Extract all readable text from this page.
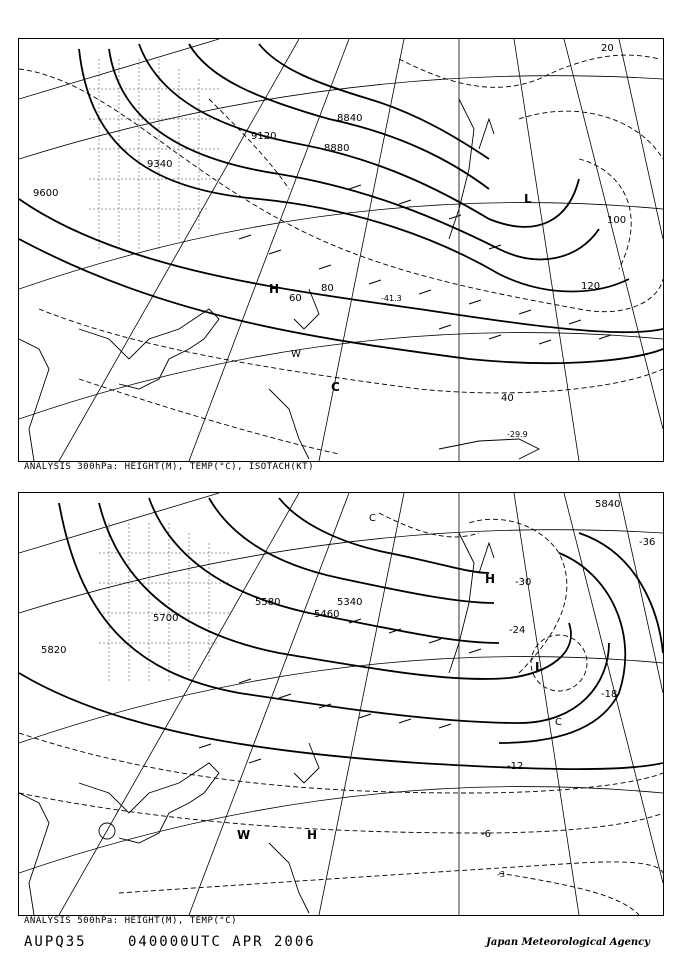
9600
9340
9120
8880
8840
20
40
60
80
100
120
-29.9
-41.3
L
C
W
H
ANALYSIS 300hPa: HEIGHT(M), TEMP(°C), ISOTACH(KT)
5820
5700
5580
5460
5340
5840
-30
-18
-12
-6
-3
-24
-36
L
H
C
W	H
C
ANALYSIS 500hPa: HEIGHT(M), TEMP(°C)
AUPQ35	040000UTC APR 2006	Japan Meteorological Agency
